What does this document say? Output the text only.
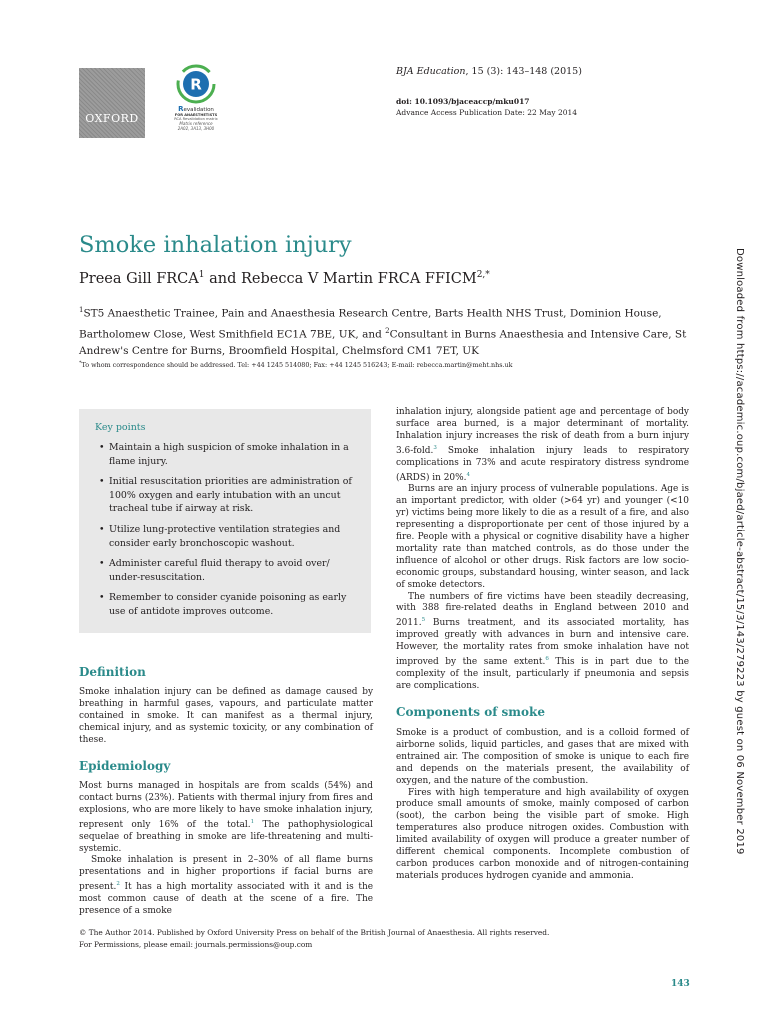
OXFORD
R
Revalidation
FOR ANAESTHETISTS
RCA Revalidation matrix
Matrix reference
2A02, 3A13, 3H00
BJA Education, 15 (3): 143–148 (2015)
doi: 10.1093/bjaceaccp/mku017
Advance Access Publication Date: 22 May 2014
Smoke inhalation injury
Preea Gill FRCA$^1$ and Rebecca V Martin FRCA $FFICM^{2,*}$
$^1$ST5 Anaesthetic Trainee, Pain and Anaesthesia Research Centre, Barts Health NHS Trust, Dominion House, Bartholomew Close, West Smithfield EC1A 7BE, UK, and $^2$Consultant in Burns Anaesthesia and Intensive Care, St Andrew's Centre for Burns, Broomfield Hospital, Chelmsford CM1 7ET, UK
*To whom correspondence should be addressed. Tel: +44 1245 514080; Fax: +44 1245 516243; E-mail: rebecca.martin@meht.nhs.uk
Key points
• Maintain a high suspicion of smoke inhalation in a flame injury.
• Initial resuscitation priorities are administration of 100% oxygen and early intubation with an uncut tracheal tube if airway at risk.
• Utilize lung-protective ventilation strategies and consider early bronchoscopic washout.
• Administer careful fluid therapy to avoid over/ under-resuscitation.
• Remember to consider cyanide poisoning as early use of antidote improves outcome.
Definition
Smoke inhalation injury can be defined as damage caused by breathing in harmful gases, vapours, and particulate matter contained in smoke. It can manifest as a thermal injury, chemical injury, and as systemic toxicity, or any combination of these.
Epidemiology
Most burns managed in hospitals are from scalds (54%) and contact burns (23%). Patients with thermal injury from fires and explosions, who are more likely to have smoke inhalation injury, represent only 16% of the total.$^1$ The pathophysiological sequelae of breathing in smoke are life-threatening and multi-systemic.
Smoke inhalation is present in 2–30% of all flame burns presentations and in higher proportions if facial burns are present.$^2$ It has a high mortality associated with it and is the most common cause of death at the scene of a fire. The presence of a smoke
inhalation injury, alongside patient age and percentage of body surface area burned, is a major determinant of mortality. Inhalation injury increases the risk of death from a burn injury 3.6-fold.$^3$ Smoke inhalation injury leads to respiratory complications in 73% and acute respiratory distress syndrome (ARDS) in 20%.$^4$
Burns are an injury process of vulnerable populations. Age is an important predictor, with older (>64 yr) and younger (<10 yr) victims being more likely to die as a result of a fire, and also representing a disproportionate per cent of those injured by a fire. People with a physical or cognitive disability have a higher mortality rate than matched controls, as do those under the influence of alcohol or other drugs. Risk factors are low socio-economic groups, substandard housing, winter season, and lack of smoke detectors.
The numbers of fire victims have been steadily decreasing, with 388 fire-related deaths in England between 2010 and 2011.$^5$ Burns treatment, and its associated mortality, has improved greatly with advances in burn and intensive care. However, the mortality rates from smoke inhalation have not improved by the same extent.$^6$ This is in part due to the complexity of the insult, particularly if pneumonia and sepsis are complications.
Components of smoke
Smoke is a product of combustion, and is a colloid formed of airborne solids, liquid particles, and gases that are mixed with entrained air. The composition of smoke is unique to each fire and depends on the materials present, the availability of oxygen, and the nature of the combustion.
Fires with high temperature and high availability of oxygen produce small amounts of smoke, mainly composed of carbon (soot), the carbon being the visible part of smoke. High temperatures also produce nitrogen oxides. Combustion with limited availability of oxygen will produce a greater number of different chemical components. Incomplete combustion of carbon produces carbon monoxide and of nitrogen-containing materials produces hydrogen cyanide and ammonia.
© The Author 2014. Published by Oxford University Press on behalf of the British Journal of Anaesthesia. All rights reserved.
For Permissions, please email: journals.permissions@oup.com
143
Downloaded from https://academic.oup.com/bjaed/article-abstract/15/3/143/279223 by guest on 06 November 2019
